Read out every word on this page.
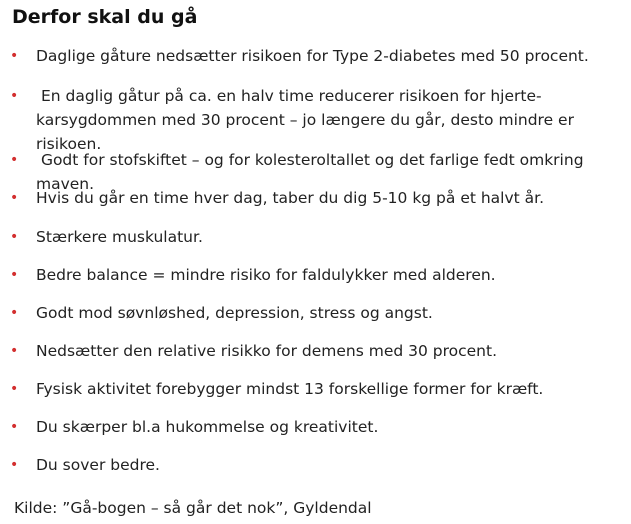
Derfor skal du gå
• Daglige gåture nedsætter risikoen for Type 2-diabetes med 50 procent.
•	En daglig gåtur på ca. en halv time reducerer risikoen for hjerte-
karsygdommen med 30 procent – jo længere du går, desto mindre er risikoen.
• Godt for stofskiftet – og for kolesteroltallet og det farlige fedt omkring maven.
• Hvis du går en time hver dag, taber du dig 5-10 kg på et halvt år.
• Stærkere muskulatur.
• Bedre balance = mindre risiko for faldulykker med alderen.
• Godt mod søvnløshed, depression, stress og angst.
• Nedsætter den relative risikko for demens med 30 procent.
• Fysisk aktivitet forebygger mindst 13 forskellige former for kræft.
• Du skærper bl.a hukommelse og kreativitet.
• Du sover bedre.
Kilde: ”Gå-bogen – så går det nok”, Gyldendal
